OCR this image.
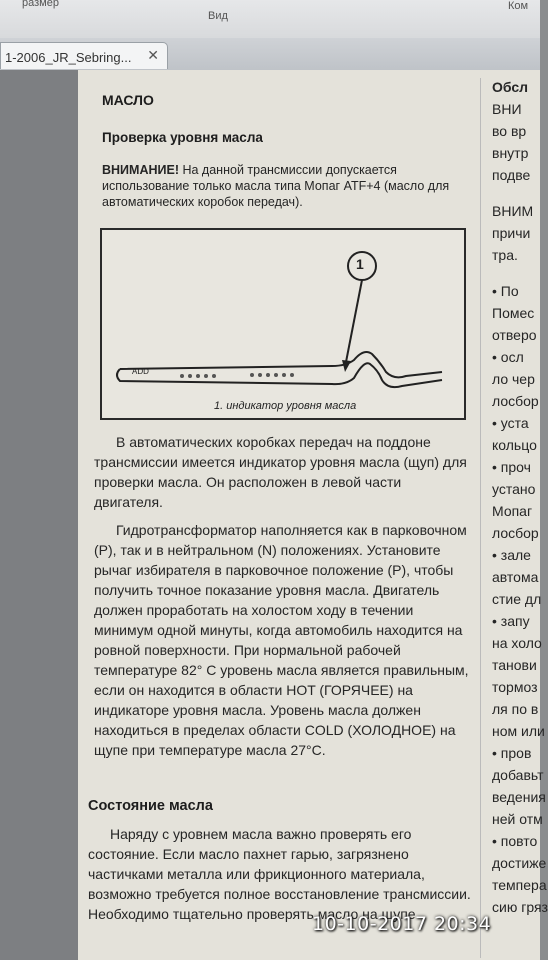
размер
Вид
Ком
1-2006_JR_Sebring... ✕
МАСЛО
Проверка уровня масла
ВНИМАНИЕ! На данной трансмиссии допускается использование только масла типа Мопаг ATF+4 (масло для автоматических коробок передач).
1
ADD
1. индикатор уровня масла

В автоматических коробках передач на поддоне трансмиссии имеется индикатор уровня масла (щуп) для проверки масла. Он расположен в левой части двигателя.

Гидротрансформатор наполняется как в парковочном (P), так и в нейтральном (N) положениях. Установите рычаг избирателя в парковочное положение (P), чтобы получить точное показание уровня масла. Двигатель должен проработать на холостом ходу в течении минимум одной минуты, когда автомобиль находится на ровной поверхности. При нормальной рабочей температуре 82° C уровень масла является правильным, если он находится в области HOT (ГОРЯЧЕЕ) на индикаторе уровня масла. Уровень масла должен находиться в пределах области COLD (ХОЛОДНОЕ) на щупе при температуре масла 27°C.

Состояние масла

Наряду с уровнем масла важно проверять его состояние. Если масло пахнет гарью, загрязнено частичками металла или фрикционного материала, возможно требуется полное восстановление трансмиссии. Необходимо тщательно проверять масло на щупе

Обсл
ВНИ
во вр
внутр
подве
ВНИМ
причи
тра.
• По
Помес
отверо
• осл
ло чер
лосбор
• уста
кольцо
• проч
устано
Мопаг
лосбор
• зале
автома
стие дл
• запу
на холо
танови
тормоз
ля по в
ном или
• пров
добавьт
ведения
ней отм
• повто
достиже
темпера
сию гряз
10-10-2017 20:34
